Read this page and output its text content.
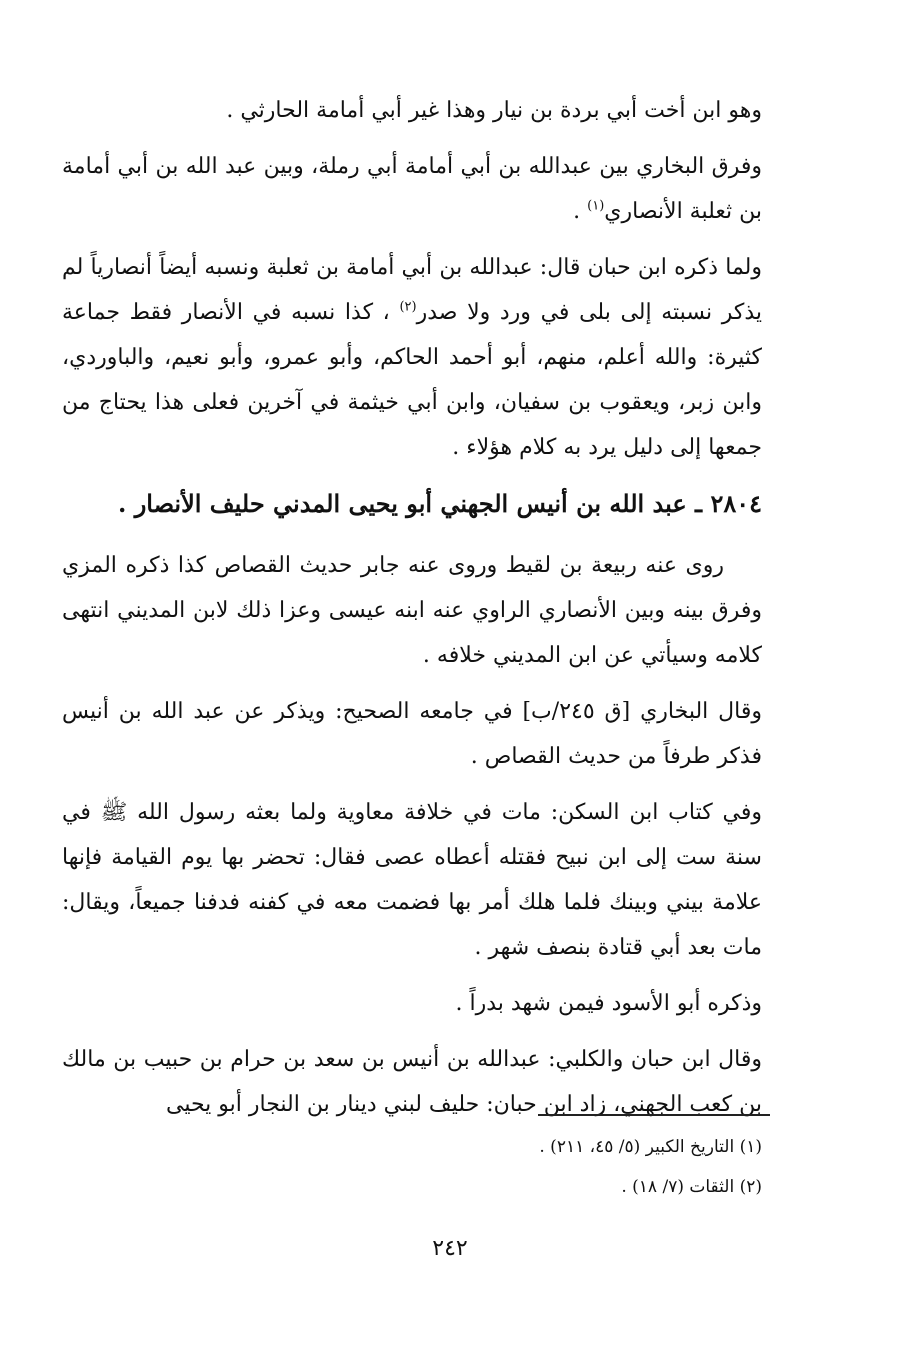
وهو ابن أخت أبي بردة بن نيار وهذا غير أبي أمامة الحارثي .

وفرق البخاري بين عبدالله بن أبي أمامة أبي رملة، وبين عبد الله بن أبي أمامة بن ثعلبة الأنصاري$^{(١)}$ .

ولما ذكره ابن حبان قال: عبدالله بن أبي أمامة بن ثعلبة ونسبه أيضاً أنصارياً لم يذكر نسبته إلى بلى في ورد ولا صدر$^{(٢)}$ ، كذا نسبه في الأنصار فقط جماعة كثيرة: والله أعلم، منهم، أبو أحمد الحاكم، وأبو عمرو، وأبو نعيم، والباوردي، وابن زبر، ويعقوب بن سفيان، وابن أبي خيثمة في آخرين فعلى هذا يحتاج من جمعها إلى دليل يرد به كلام هؤلاء .

٢٨٠٤ ـ عبد الله بن أنيس الجهني أبو يحيى المدني حليف الأنصار .

روى عنه ربيعة بن لقيط وروى عنه جابر حديث القصاص كذا ذكره المزي وفرق بينه وبين الأنصاري الراوي عنه ابنه عيسى وعزا ذلك لابن المديني انتهى كلامه وسيأتي عن ابن المديني خلافه .

وقال البخاري [ق ٢٤٥/ب] في جامعه الصحيح: ويذكر عن عبد الله بن أنيس فذكر طرفاً من حديث القصاص .

وفي كتاب ابن السكن: مات في خلافة معاوية ولما بعثه رسول الله ﷺ في سنة ست إلى ابن نبيح فقتله أعطاه عصى فقال: تحضر بها يوم القيامة فإنها علامة بيني وبينك فلما هلك أمر بها فضمت معه في كفنه فدفنا جميعاً، ويقال: مات بعد أبي قتادة بنصف شهر .

وذكره أبو الأسود فيمن شهد بدراً .

وقال ابن حبان والكلبي: عبدالله بن أنيس بن سعد بن حرام بن حبيب بن مالك بن كعب الجهني، زاد ابن حبان: حليف لبني دينار بن النجار أبو يحيى

(١) التاريخ الكبير (٥/ ٤٥، ٢١١) .

(٢) الثقات (٧/ ١٨) .

٢٤٢
